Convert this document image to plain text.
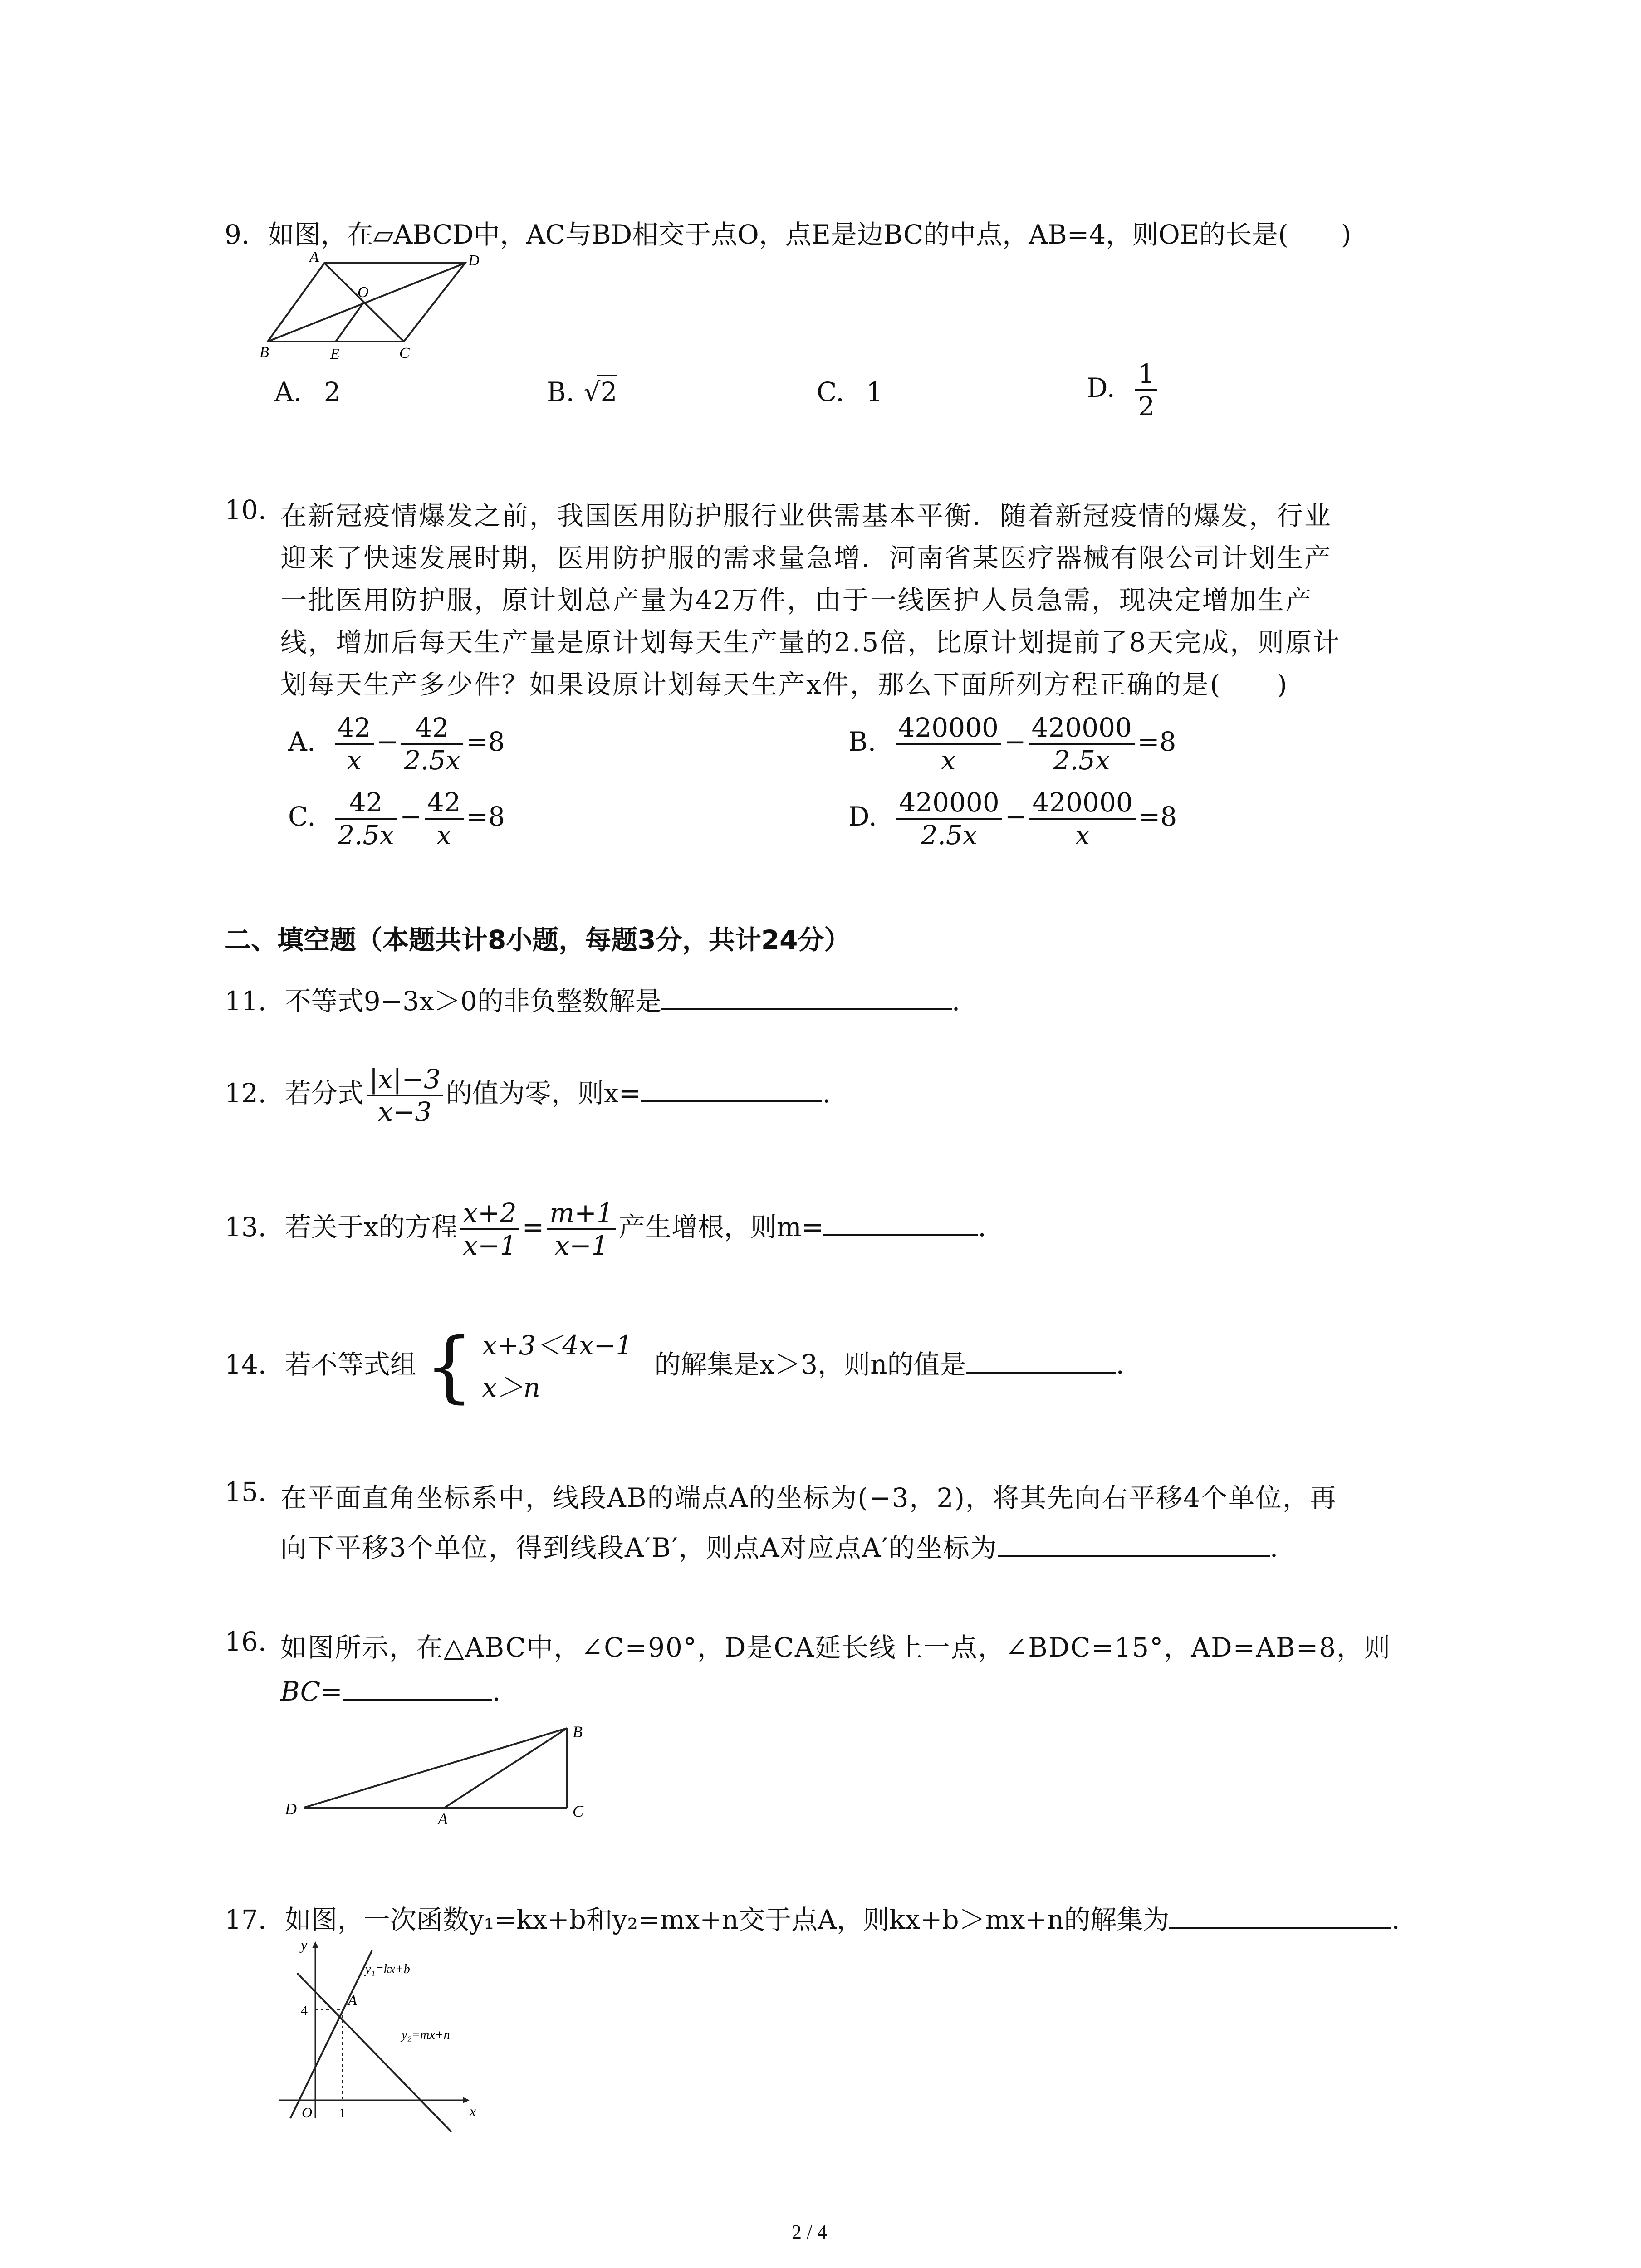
9. 如图，在▱ABCD中，AC与BD相交于点O，点E是边BC的中点，AB=4，则OE的长是(　　)
A	D
B	C
O
E
A. 2	B. √2	C. 1	D. $\frac{1}{2}$
10. 在新冠疫情爆发之前，我国医用防护服行业供需基本平衡．随着新冠疫情的爆发，行业
迎来了快速发展时期，医用防护服的需求量急增．河南省某医疗器械有限公司计划生产
一批医用防护服，原计划总产量为42万件，由于一线医护人员急需，现决定增加生产
线，增加后每天生产量是原计划每天生产量的2.5倍，比原计划提前了8天完成，则原计
划每天生产多少件？如果设原计划每天生产x件，那么下面所列方程正确的是(　　)
A. $\frac{42}{x} - \frac{42}{2.5x} =8$	B. $\frac{420000}{x} - \frac{420000}{2.5x} =8$
C. $\frac{42}{2.5x} - \frac{42}{x} =8$	D. $\frac{420000}{2.5x} - \frac{420000}{x} =8$
二、填空题（本题共计8小题，每题3分，共计24分）
11. 不等式9−3x＞0的非负整数解是	.
12. 若分式 $\frac{|x|-3}{x-3}$ 的值为零，则x=	.
13. 若关于x的方程 $\frac{x+2}{x-1} = \frac{m+1}{x-1}$ 产生增根，则m=	.
14. 若不等式组 { x+3＜4x−1
x＞n
的解集是x＞3，则n的值是	.
15. 在平面直角坐标系中，线段AB的端点A的坐标为(−3，2)，将其先向右平移4个单位，再
向下平移3个单位，得到线段A′B′，则点A对应点A′的坐标为	.
16. 如图所示，在△ABC中，∠C=90°，D是CA延长线上一点，∠BDC=15°，AD=AB=8，则
BC=	.
B
D
A	C
17. 如图，一次函数y₁=kx+b和y₂=mx+n交于点A，则kx+b＞mx+n的解集为	.
y
x
O
4
1
A
y₁=kx+b
y₂=mx+n
2 / 4
